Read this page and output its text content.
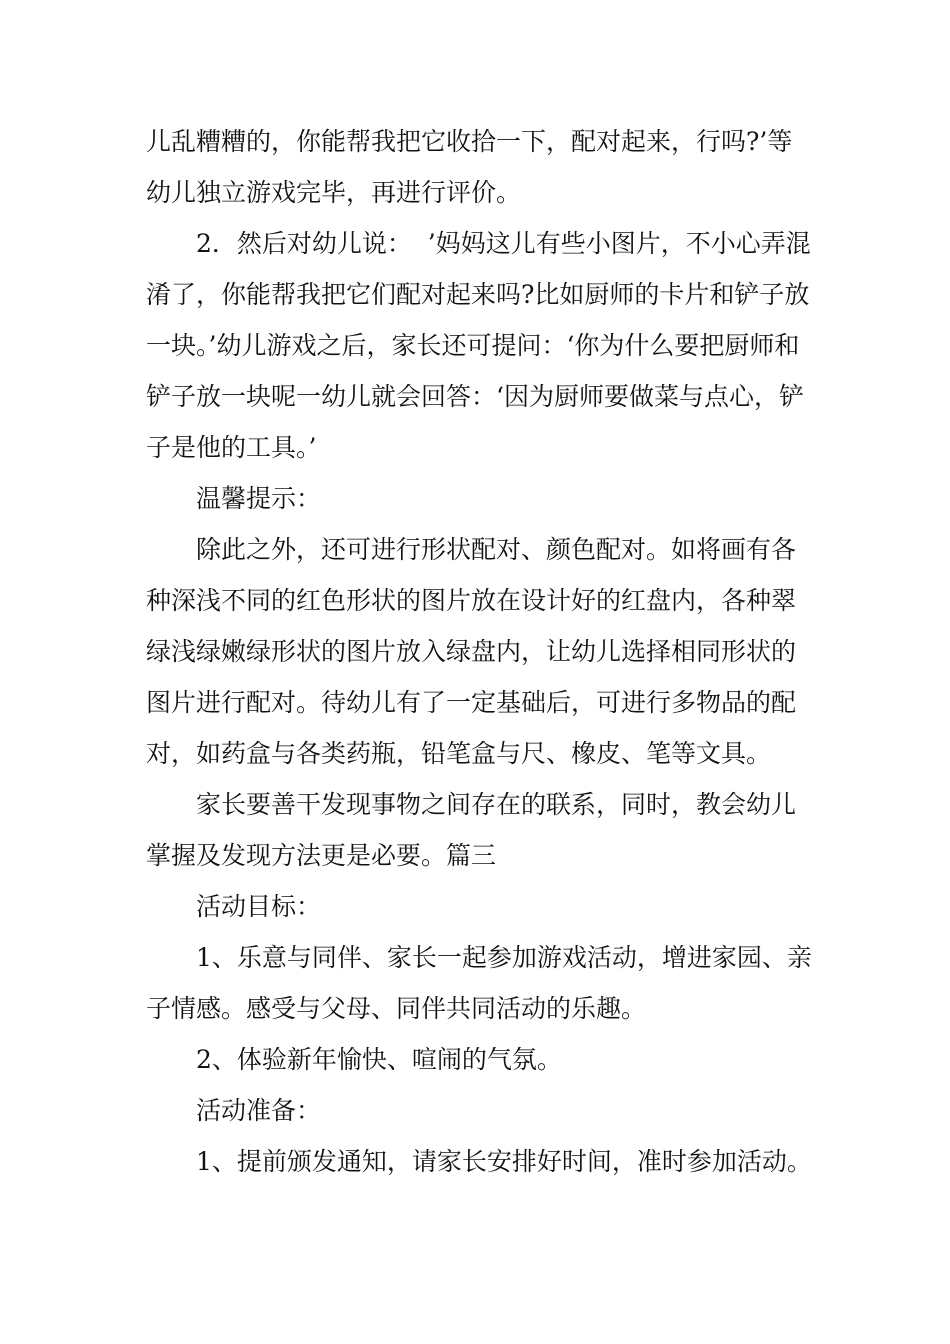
儿乱糟糟的，你能帮我把它收拾一下，配对起来，行吗?’等幼儿独立游戏完毕，再进行评价。

2．然后对幼儿说：  ’妈妈这儿有些小图片，不小心弄混淆了，你能帮我把它们配对起来吗?比如厨师的卡片和铲子放一块。’幼儿游戏之后，家长还可提问：‘你为什么要把厨师和铲子放一块呢一幼儿就会回答：‘因为厨师要做菜与点心，铲子是他的工具。’

温馨提示：

除此之外，还可进行形状配对、颜色配对。如将画有各种深浅不同的红色形状的图片放在设计好的红盘内，各种翠绿浅绿嫩绿形状的图片放入绿盘内，让幼儿选择相同形状的图片进行配对。待幼儿有了一定基础后，可进行多物品的配对，如药盒与各类药瓶，铅笔盒与尺、橡皮、笔等文具。

家长要善干发现事物之间存在的联系，同时，教会幼儿掌握及发现方法更是必要。篇三

活动目标：

1、乐意与同伴、家长一起参加游戏活动，增进家园、亲子情感。感受与父母、同伴共同活动的乐趣。

2、体验新年愉快、喧闹的气氛。

活动准备：

1、提前颁发通知，请家长安排好时间，准时参加活动。
